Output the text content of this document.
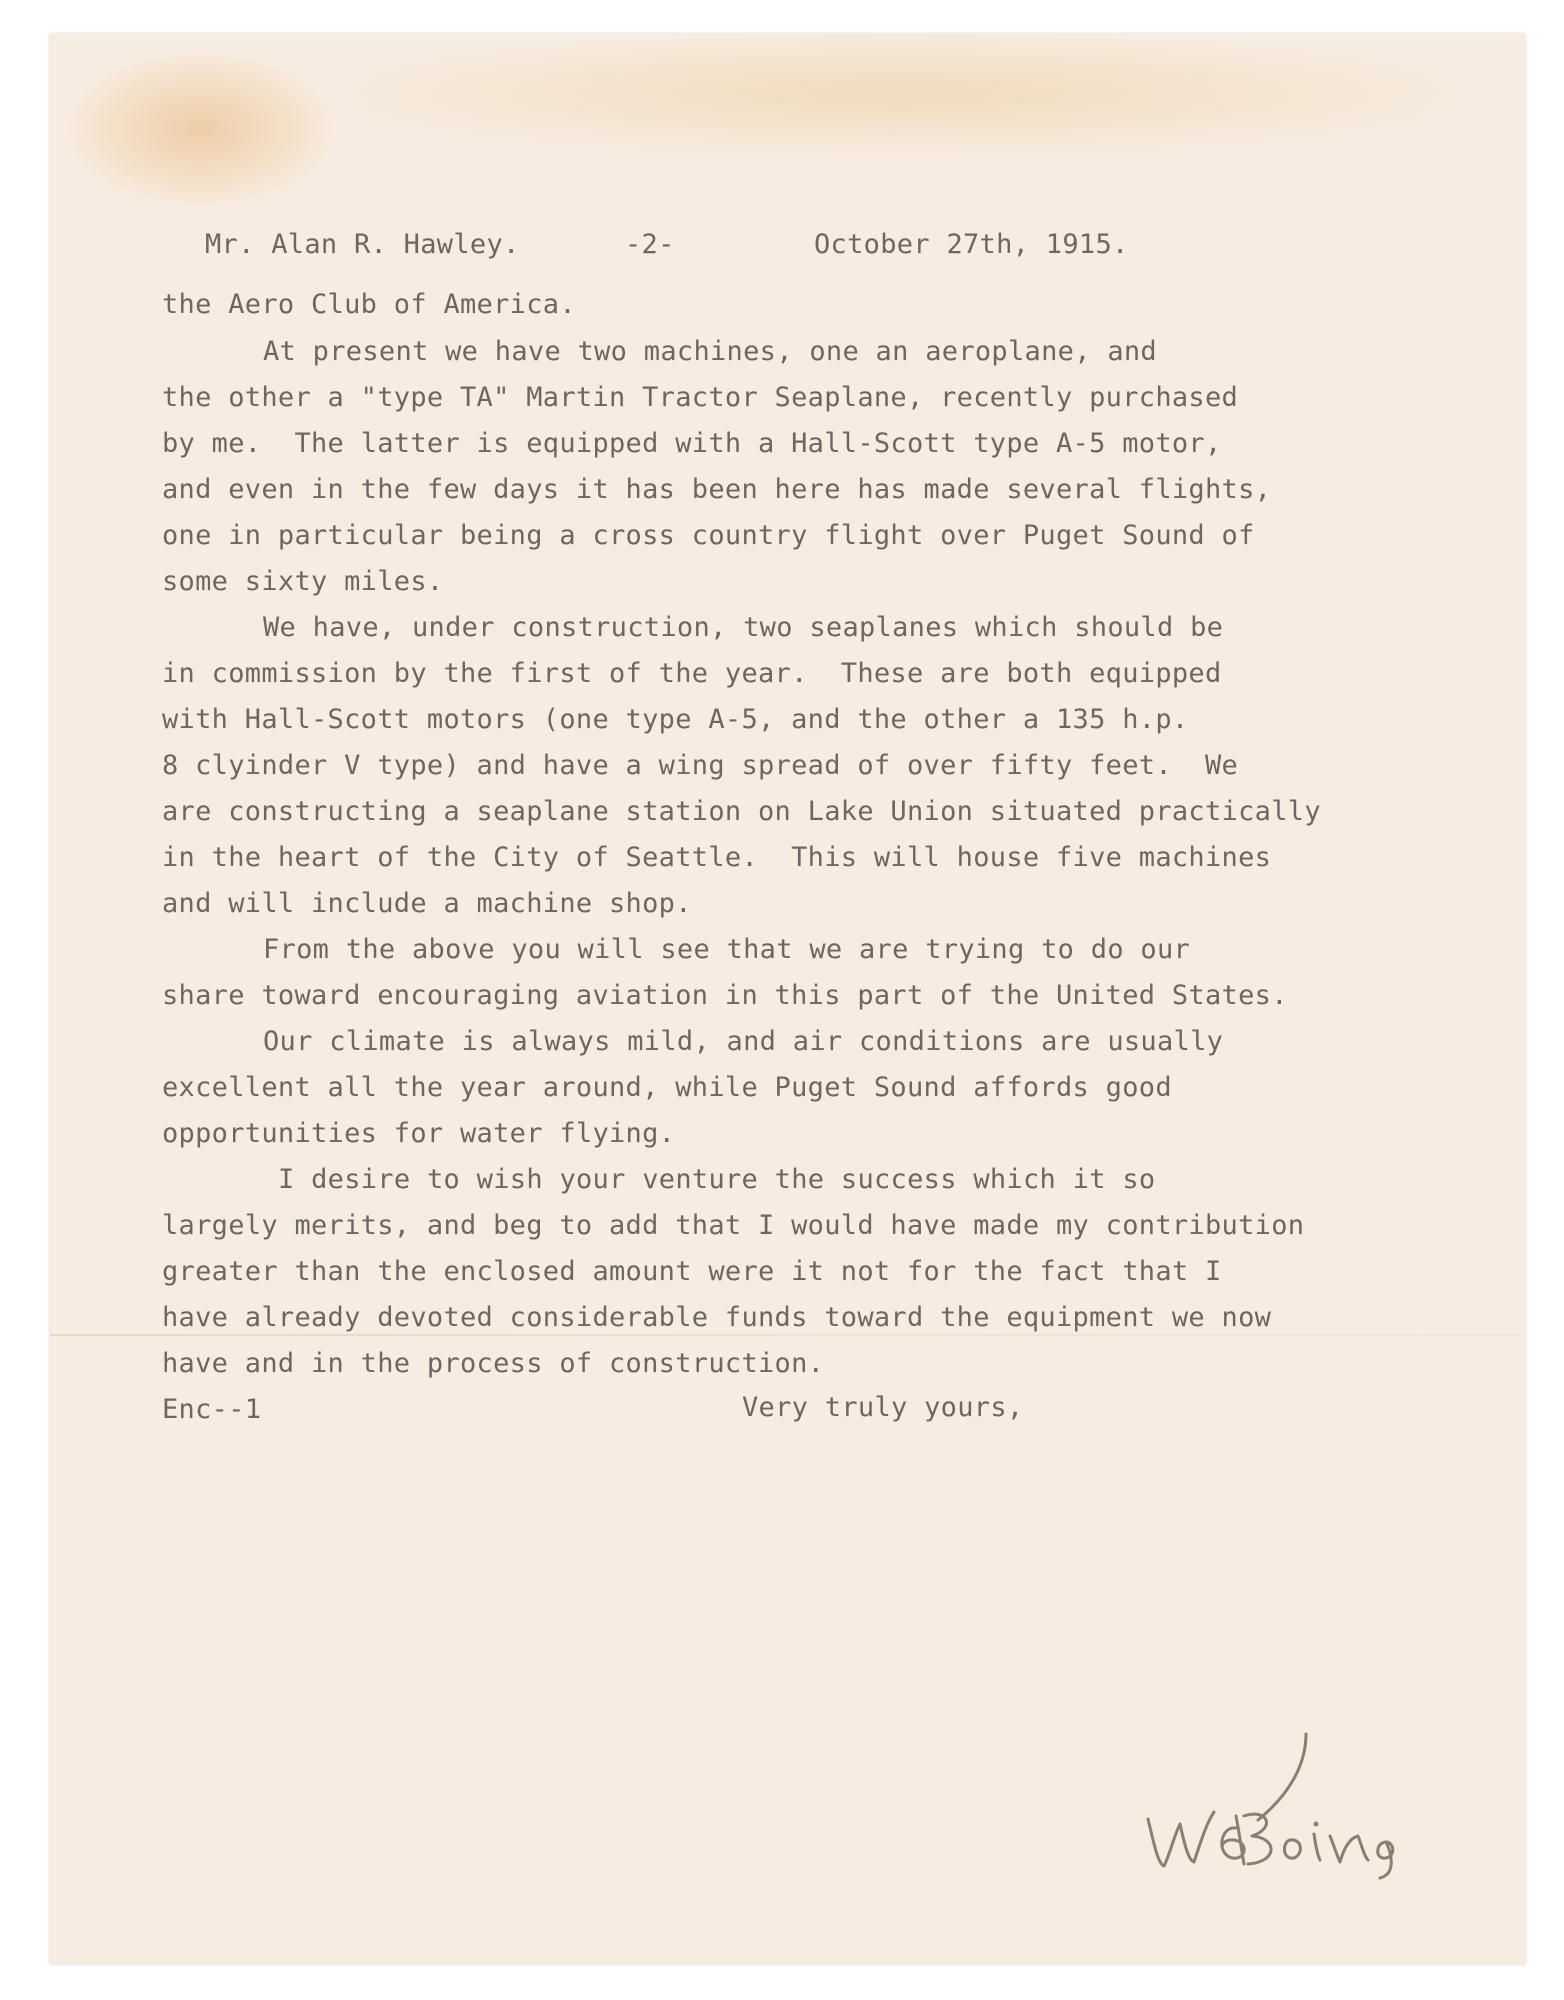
Mr. Alan R. Hawley.	-2-	October 27th, 1915.
the Aero Club of America.
At present we have two machines, one an aeroplane, and
the other a "type TA" Martin Tractor Seaplane, recently purchased
by me.  The latter is equipped with a Hall-Scott type A-5 motor,
and even in the few days it has been here has made several flights,
one in particular being a cross country flight over Puget Sound of
some sixty miles.
We have, under construction, two seaplanes which should be
in commission by the first of the year.  These are both equipped
with Hall-Scott motors (one type A-5, and the other a 135 h.p.
8 clyinder V type) and have a wing spread of over fifty feet.  We
are constructing a seaplane station on Lake Union situated practically
in the heart of the City of Seattle.  This will house five machines
and will include a machine shop.
From the above you will see that we are trying to do our
share toward encouraging aviation in this part of the United States.
Our climate is always mild, and air conditions are usually
excellent all the year around, while Puget Sound affords good
opportunities for water flying.
I desire to wish your venture the success which it so
largely merits, and beg to add that I would have made my contribution
greater than the enclosed amount were it not for the fact that I
have already devoted considerable funds toward the equipment we now
have and in the process of construction.
Enc--1	Very truly yours,
